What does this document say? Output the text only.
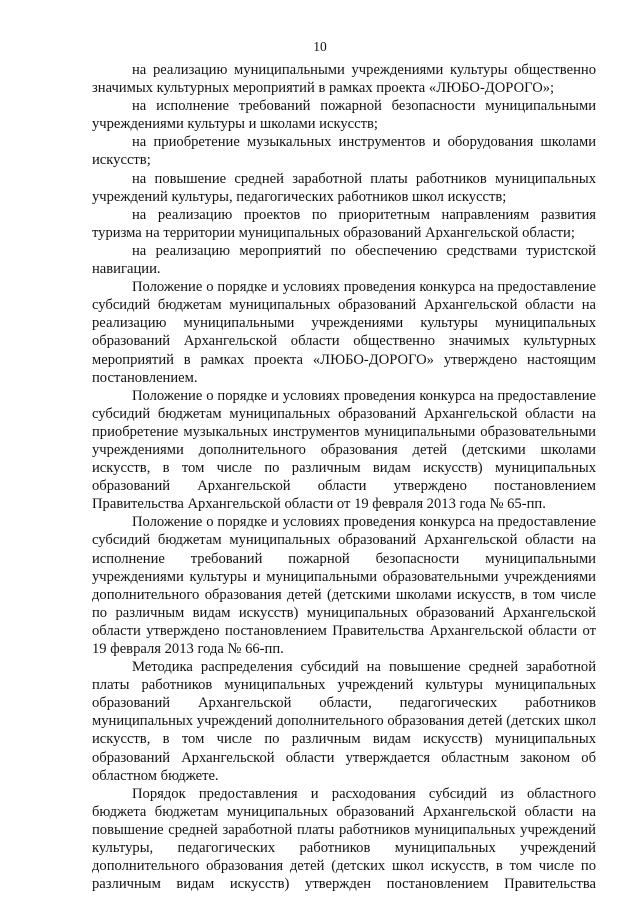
10

на реализацию муниципальными учреждениями культуры общественно значимых культурных мероприятий в рамках проекта «ЛЮБО-ДОРОГО»;

на исполнение требований пожарной безопасности муниципальными учреждениями культуры и школами искусств;

на приобретение музыкальных инструментов и оборудования школами искусств;

на повышение средней заработной платы работников муниципальных учреждений культуры, педагогических работников школ искусств;

на реализацию проектов по приоритетным направлениям развития туризма на территории муниципальных образований Архангельской области;

на реализацию мероприятий по обеспечению средствами туристской навигации.

Положение о порядке и условиях проведения конкурса на предоставление субсидий бюджетам муниципальных образований Архангельской области на реализацию муниципальными учреждениями культуры муниципальных образований Архангельской области общественно значимых культурных мероприятий в рамках проекта «ЛЮБО-ДОРОГО» утверждено настоящим постановлением.

Положение о порядке и условиях проведения конкурса на предоставление субсидий бюджетам муниципальных образований Архангельской области на приобретение музыкальных инструментов муниципальными образовательными учреждениями дополнительного образования детей (детскими школами искусств, в том числе по различным видам искусств) муниципальных образований Архангельской области утверждено постановлением Правительства Архангельской области от 19 февраля 2013 года № 65-пп.

Положение о порядке и условиях проведения конкурса на предоставление субсидий бюджетам муниципальных образований Архангельской области на исполнение требований пожарной безопасности муниципальными учреждениями культуры и муниципальными образовательными учреждениями дополнительного образования детей (детскими школами искусств, в том числе по различным видам искусств) муниципальных образований Архангельской области утверждено постановлением Правительства Архангельской области от 19 февраля 2013 года № 66-пп.

Методика распределения субсидий на повышение средней заработной платы работников муниципальных учреждений культуры муниципальных образований Архангельской области, педагогических работников муниципальных учреждений дополнительного образования детей (детских школ искусств, в том числе по различным видам искусств) муниципальных образований Архангельской области утверждается областным законом об областном бюджете.

Порядок предоставления и расходования субсидий из областного бюджета бюджетам муниципальных образований Архангельской области на повышение средней заработной платы работников муниципальных учреждений культуры, педагогических работников муниципальных учреждений дополнительного образования детей (детских школ искусств, в том числе по различным видам искусств) утвержден постановлением Правительства
